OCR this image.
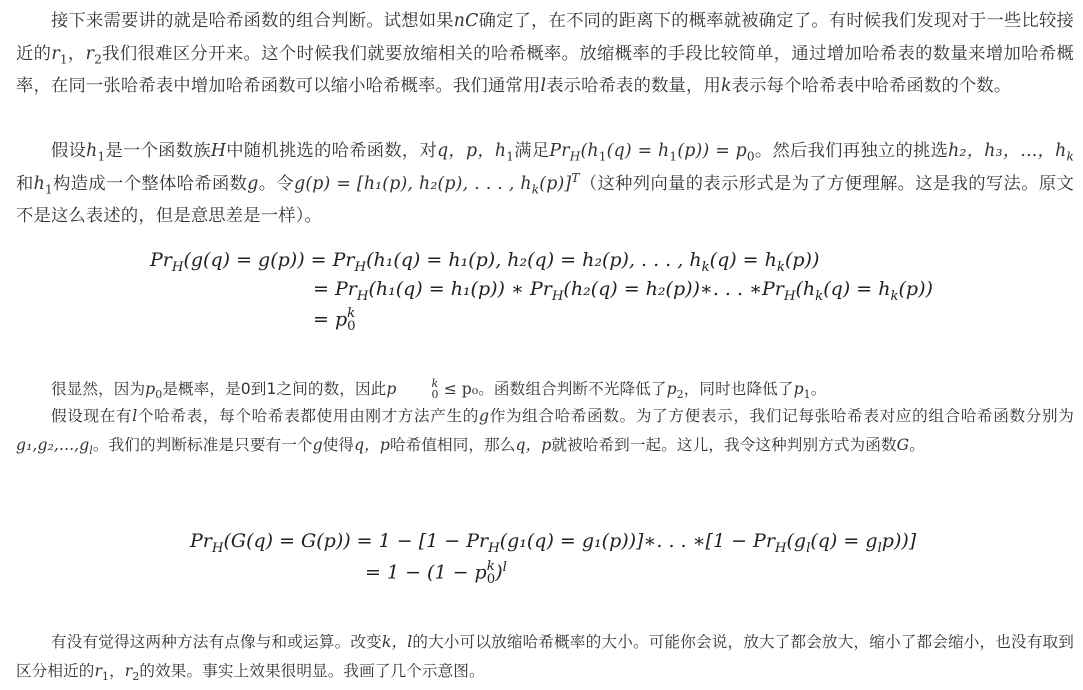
接下来需要讲的就是哈希函数的组合判断。试想如果nC确定了，在不同的距离下的概率就被确定了。有时候我们发现对于一些比较接近的$r_1$，$r_2$我们很难区分开来。这个时候我们就要放缩相关的哈希概率。放缩概率的手段比较简单，通过增加哈希表的数量来增加哈希概率，在同一张哈希表中增加哈希函数可以缩小哈希概率。我们通常用l表示哈希表的数量，用k表示每个哈希表中哈希函数的个数。

假设$h_1$是一个函数族H中随机挑选的哈希函数，对q，p，$h_1$满足$Pr_H(h_1(q) = h_1(p)) = p_0$。然后我们再独立的挑选h₂，h₃，...，$h_k$和$h_1$构造成一个整体哈希函数g。令g(p) = [h₁(p), h₂(p), . . . , $h_k(p)]^T$（这种列向量的表示形式是为了方便理解。这是我的写法。原文不是这么表述的，但是意思差是一样）。

$Pr_H(g(q) = g(p)) = Pr_H(h_1(q) = h_1(p)$, h₂(q) = h₂(p), . . . , $h_k(q) = h_k(p)$)
= $Pr_H(h_1(q) = h_1(p))$ ∗ $Pr_H(h_2(q)$ = h₂(p))∗. . . $∗Pr_H(h_k(q) = h_k(p))$
= p k
0

很显然，因为$p_0$是概率，是0到1之间的数，因此p	k
0 ≤ p₀。函数组合判断不光降低了$p_2$，同时也降低了$p_1$。

假设现在有l个哈希表，每个哈希表都使用由刚才方法产生的g作为组合哈希函数。为了方便表示，我们记每张哈希表对应的组合哈希函数分别为$g_1,g_2,...,g_l$。我们的判断标准是只要有一个g使得q，p哈希值相同，那么q，p就被哈希到一起。这儿，我令这种判别方式为函数G。

$Pr_H(G(q) = G(p)) = 1 - [1 - Pr_H(g_1(q)$ = g₁(p))]∗. . . ∗[1 − $Pr_H(g_l(q) = g_lp)$)]
= 1 − (1 − p k
0 )$^l$

有没有觉得这两种方法有点像与和或运算。改变k，l的大小可以放缩哈希概率的大小。可能你会说，放大了都会放大，缩小了都会缩小，也没有取到区分相近的$r_1$，$r_2$的效果。事实上效果很明显。我画了几个示意图。
